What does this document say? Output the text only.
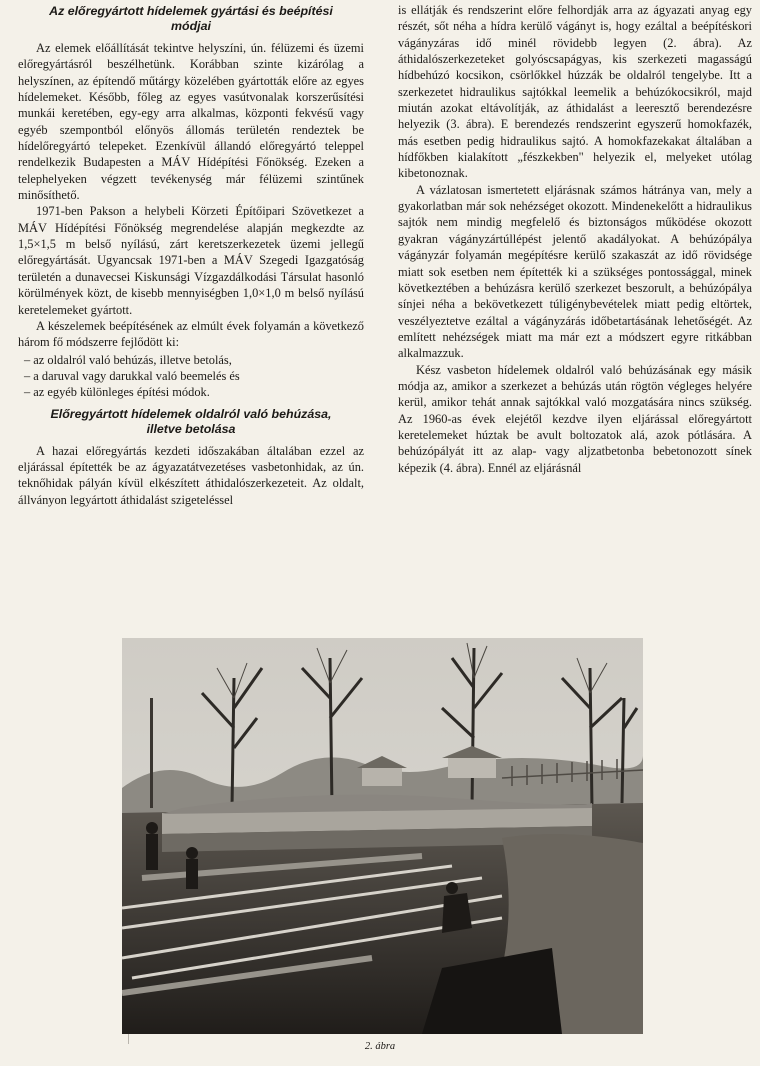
Az előregyártott hídelemek gyártási és beépítési
módjai

Az elemek előállítását tekintve helyszíni, ún. félüzemi és üzemi előregyártásról beszélhetünk. Korábban szinte kizárólag a helyszínen, az építendő műtárgy közelében gyártották előre az egyes hídelemeket. Később, főleg az egyes vasútvonalak korszerűsítési munkái keretében, egy-egy arra alkalmas, központi fekvésű vagy egyéb szempontból előnyös állomás területén rendeztek be hídelőregyártó telepeket. Ezenkívül állandó előregyártó teleppel rendelkezik Budapesten a MÁV Hídépítési Főnökség. Ezeken a telephelyeken végzett tevékenység már félüzemi szintűnek minősíthető.

1971-ben Pakson a helybeli Körzeti Építőipari Szövetkezet a MÁV Hídépítési Főnökség megrendelése alapján megkezdte az 1,5×1,5 m belső nyílású, zárt keretszerkezetek üzemi jellegű előregyártását. Ugyancsak 1971-ben a MÁV Szegedi Igazgatóság területén a dunavecsei Kiskunsági Vízgazdálkodási Társulat hasonló körülmények közt, de kisebb mennyiségben 1,0×1,0 m belső nyílású keretelemeket gyártott.

A készelemek beépítésének az elmúlt évek folyamán a következő három fő módszerre fejlődött ki:

– az oldalról való behúzás, illetve betolás,
– a daruval vagy darukkal való beemelés és
– az egyéb különleges építési módok.
Előregyártott hídelemek oldalról való behúzása,
illetve betolása

A hazai előregyártás kezdeti időszakában általában ezzel az eljárással építették be az ágyazatátvezetéses vasbetonhidak, az ún. teknőhidak pályán kívül elkészített áthidalószerkezeteit. Az oldalt, állványon legyártott áthidalást szigeteléssel

is ellátják és rendszerint előre felhordják arra az ágyazati anyag egy részét, sőt néha a hídra kerülő vágányt is, hogy ezáltal a beépítéskori vágányzáras idő minél rövidebb legyen (2. ábra). Az áthidalószerkezeteket golyóscsapágyas, kis szerkezeti magasságú hídbehúzó kocsikon, csörlőkkel húzzák be oldalról tengelybe. Itt a szerkezetet hidraulikus sajtókkal leemelik a behúzókocsikról, majd miután azokat eltávolítják, az áthidalást a leeresztő berendezésre helyezik (3. ábra). E berendezés rendszerint egyszerű homokfazék, más esetben pedig hidraulikus sajtó. A homokfazekakat általában a hídfőkben kialakított „fészkekben" helyezik el, melyeket utólag kibetonoznak.

A vázlatosan ismertetett eljárásnak számos hátránya van, mely a gyakorlatban már sok nehézséget okozott. Mindenekelőtt a hidraulikus sajtók nem mindig megfelelő és biztonságos működése okozott gyakran vágányzártúllépést jelentő akadályokat. A behúzópálya vágányzár folyamán megépítésre kerülő szakaszát az idő rövidsége miatt sok esetben nem építették ki a szükséges pontossággal, minek következtében a behúzásra kerülő szerkezet beszorult, a behúzópálya sínjei néha a bekövetkezett túligénybevételek miatt pedig eltörtek, veszélyeztetve ezáltal a vágányzárás időbetartásának lehetőségét. Az említett nehézségek miatt ma már ezt a módszert egyre ritkábban alkalmazzuk.

Kész vasbeton hídelemek oldalról való behúzásának egy másik módja az, amikor a szerkezet a behúzás után rögtön végleges helyére kerül, amikor tehát annak sajtókkal való mozgatására nincs szükség. Az 1960-as évek elejétől kezdve ilyen eljárással előregyártott keretelemeket húztak be avult boltozatok alá, azok pótlására. A behúzópályát itt az alap- vagy aljzatbetonba bebetonozott sínek képezik (4. ábra). Ennél az eljárásnál

2. ábra
